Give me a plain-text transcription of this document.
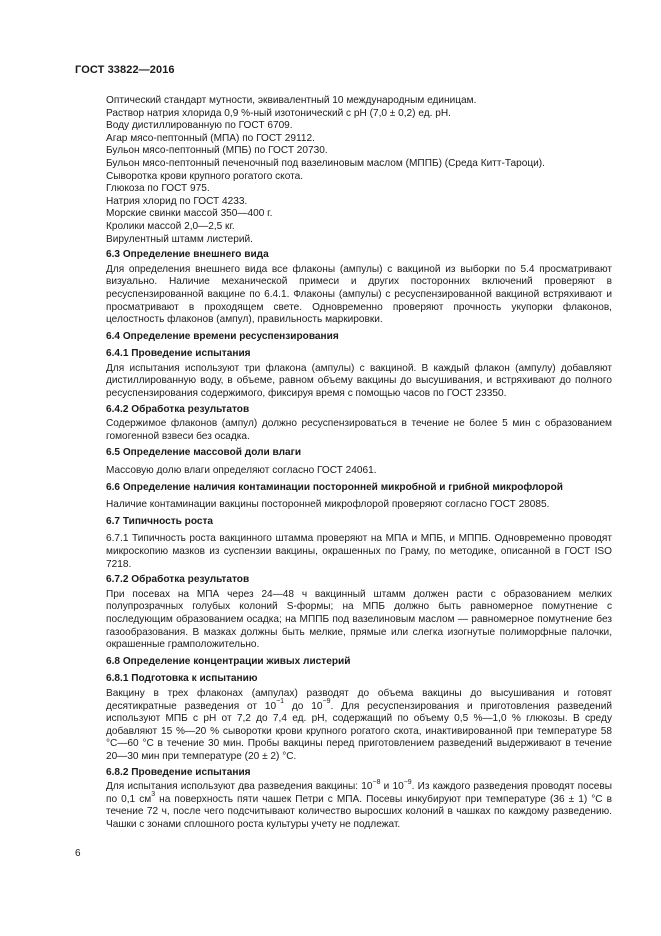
ГОСТ 33822—2016
Оптический стандарт мутности, эквивалентный 10 международным единицам.
Раствор натрия хлорида 0,9 %-ный изотонический с pH (7,0 ± 0,2) ед. pH.
Воду дистиллированную по ГОСТ 6709.
Агар мясо-пептонный (МПА) по ГОСТ 29112.
Бульон мясо-пептонный (МПБ) по ГОСТ 20730.
Бульон мясо-пептонный печеночный под вазелиновым маслом (МППБ) (Среда Китт-Тароци).
Сыворотка крови крупного рогатого скота.
Глюкоза по ГОСТ 975.
Натрия хлорид по ГОСТ 4233.
Морские свинки массой 350—400 г.
Кролики массой 2,0—2,5 кг.
Вирулентный штамм листерий.
6.3 Определение внешнего вида
Для определения внешнего вида все флаконы (ампулы) с вакциной из выборки по 5.4 просматривают визуально. Наличие механической примеси и других посторонних включений проверяют в ресуспензированной вакцине по 6.4.1. Флаконы (ампулы) с ресуспензированной вакциной встряхивают и просматривают в проходящем свете. Одновременно проверяют прочность укупорки флаконов, целостность флаконов (ампул), правильность маркировки.
6.4 Определение времени ресуспензирования
6.4.1 Проведение испытания
Для испытания используют три флакона (ампулы) с вакциной. В каждый флакон (ампулу) добавляют дистиллированную воду, в объеме, равном объему вакцины до высушивания, и встряхивают до полного ресуспензирования содержимого, фиксируя время с помощью часов по ГОСТ 23350.
6.4.2 Обработка результатов
Содержимое флаконов (ампул) должно ресуспензироваться в течение не более 5 мин с образованием гомогенной взвеси без осадка.
6.5 Определение массовой доли влаги
Массовую долю влаги определяют согласно ГОСТ 24061.
6.6 Определение наличия контаминации посторонней микробной и грибной микрофлорой
Наличие контаминации вакцины посторонней микрофлорой проверяют согласно ГОСТ 28085.
6.7 Типичность роста
6.7.1 Типичность роста вакцинного штамма проверяют на МПА и МПБ, и МППБ. Одновременно проводят микроскопию мазков из суспензии вакцины, окрашенных по Граму, по методике, описанной в ГОСТ ISO 7218.
6.7.2 Обработка результатов
При посевах на МПА через 24—48 ч вакцинный штамм должен расти с образованием мелких полупрозрачных голубых колоний S-формы; на МПБ должно быть равномерное помутнение с последующим образованием осадка; на МППБ под вазелиновым маслом — равномерное помутнение без газообразования. В мазках должны быть мелкие, прямые или слегка изогнутые полиморфные палочки, окрашенные грамположительно.
6.8 Определение концентрации живых листерий
6.8.1 Подготовка к испытанию
Вакцину в трех флаконах (ампулах) разводят до объема вакцины до высушивания и готовят десятикратные разведения от $10^{-1}$ до $10^{-9}$. Для ресуспензирования и приготовления разведений используют МПБ с pH от 7,2 до 7,4 ед. pH, содержащий по объему 0,5 %—1,0 % глюкозы. В среду добавляют 15 %—20 % сыворотки крови крупного рогатого скота, инактивированной при температуре 58 °С—60 °С в течение 30 мин. Пробы вакцины перед приготовлением разведений выдерживают в течение 20—30 мин при температуре (20 ± 2) °С.
6.8.2 Проведение испытания
Для испытания используют два разведения вакцины: $10^{-8}$ и $10^{-9}$. Из каждого разведения проводят посевы по 0,1 $см^3$ на поверхность пяти чашек Петри с МПА. Посевы инкубируют при температуре (36 ± 1) °С в течение 72 ч, после чего подсчитывают количество выросших колоний в чашках по каждому разведению. Чашки с зонами сплошного роста культуры учету не подлежат.
6
